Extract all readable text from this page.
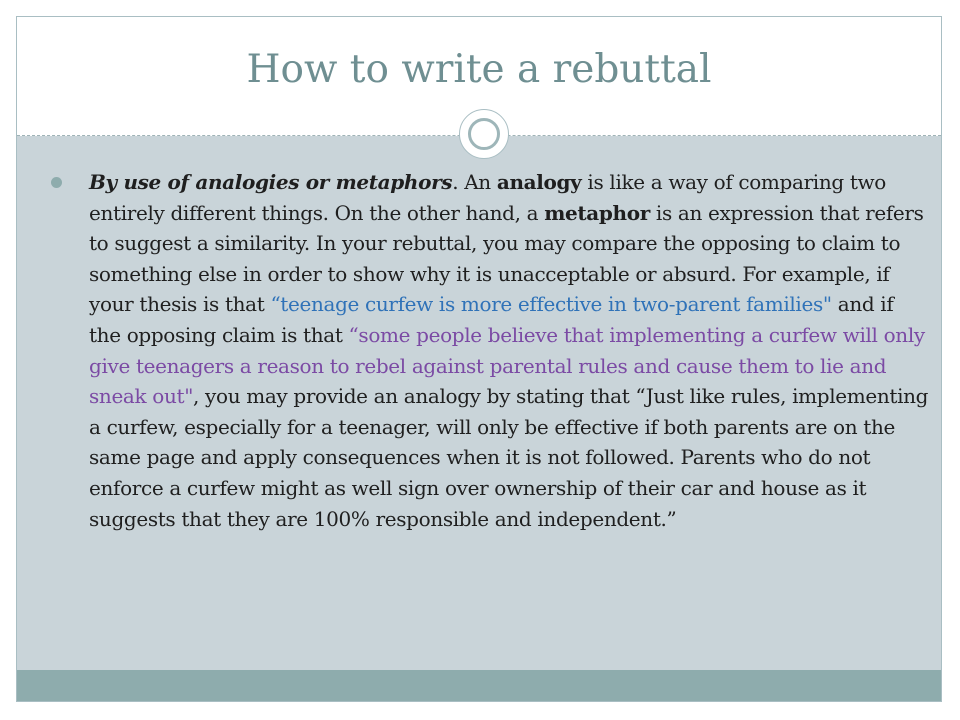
How to write a rebuttal

By use of analogies or metaphors. An analogy is like a way of comparing two entirely different things. On the other hand, a metaphor is an expression that refers to suggest a similarity. In your rebuttal, you may compare the opposing to claim to something else in order to show why it is unacceptable or absurd. For example, if your thesis is that “teenage curfew is more effective in two-parent families" and if the opposing claim is that “some people believe that implementing a curfew will only give teenagers a reason to rebel against parental rules and cause them to lie and sneak out", you may provide an analogy by stating that “Just like rules, implementing a curfew, especially for a teenager, will only be effective if both parents are on the same page and apply consequences when it is not followed. Parents who do not enforce a curfew might as well sign over ownership of their car and house as it suggests that they are 100% responsible and independent.”
